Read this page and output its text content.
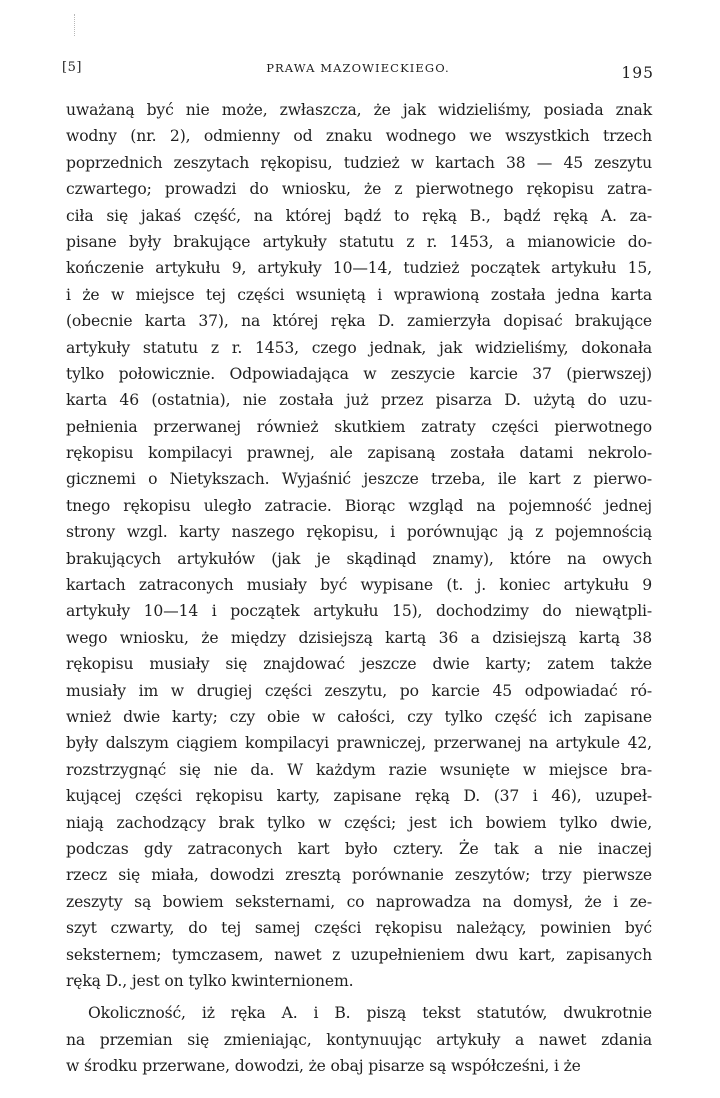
[5]	PRAWA MAZOWIECKIEGO.	195
uważaną być nie może, zwłaszcza, że jak widzieliśmy, posiada znak
wodny (nr. 2), odmienny od znaku wodnego we wszystkich trzech
poprzednich zeszytach rękopisu, tudzież w kartach 38 — 45 zeszytu
czwartego; prowadzi do wniosku, że z pierwotnego rękopisu zatra-
ciła się jakaś część, na której bądź to ręką B., bądź ręką A. za-
pisane były brakujące artykuły statutu z r. 1453, a mianowicie do-
kończenie artykułu 9, artykuły 10—14, tudzież początek artykułu 15,
i że w miejsce tej części wsuniętą i wprawioną została jedna karta
(obecnie karta 37), na której ręka D. zamierzyła dopisać brakujące
artykuły statutu z r. 1453, czego jednak, jak widzieliśmy, dokonała
tylko połowicznie. Odpowiadająca w zeszycie karcie 37 (pierwszej)
karta 46 (ostatnia), nie została już przez pisarza D. użytą do uzu-
pełnienia przerwanej również skutkiem zatraty części pierwotnego
rękopisu kompilacyi prawnej, ale zapisaną została datami nekrolo-
gicznemi o Nietykszach. Wyjaśnić jeszcze trzeba, ile kart z pierwo-
tnego rękopisu uległo zatracie. Biorąc wzgląd na pojemność jednej
strony wzgl. karty naszego rękopisu, i porównując ją z pojemnością
brakujących artykułów (jak je skądinąd znamy), które na owych
kartach zatraconych musiały być wypisane (t. j. koniec artykułu 9
artykuły 10—14 i początek artykułu 15), dochodzimy do niewątpli-
wego wniosku, że między dzisiejszą kartą 36 a dzisiejszą kartą 38
rękopisu musiały się znajdować jeszcze dwie karty; zatem także
musiały im w drugiej części zeszytu, po karcie 45 odpowiadać ró-
wnież dwie karty; czy obie w całości, czy tylko część ich zapisane
były dalszym ciągiem kompilacyi prawniczej, przerwanej na artykule 42,
rozstrzygnąć się nie da. W każdym razie wsunięte w miejsce bra-
kującej części rękopisu karty, zapisane ręką D. (37 i 46), uzupeł-
niają zachodzący brak tylko w części; jest ich bowiem tylko dwie,
podczas gdy zatraconych kart było cztery. Że tak a nie inaczej
rzecz się miała, dowodzi zresztą porównanie zeszytów; trzy pierwsze
zeszyty są bowiem seksternami, co naprowadza na domysł, że i ze-
szyt czwarty, do tej samej części rękopisu należący, powinien być
seksternem; tymczasem, nawet z uzupełnieniem dwu kart, zapisanych
ręką D., jest on tylko kwinternionem.
Okoliczność, iż ręka A. i B. piszą tekst statutów, dwukrotnie
na przemian się zmieniając, kontynuując artykuły a nawet zdania
w środku przerwane, dowodzi, że obaj pisarze są współcześni, i że
